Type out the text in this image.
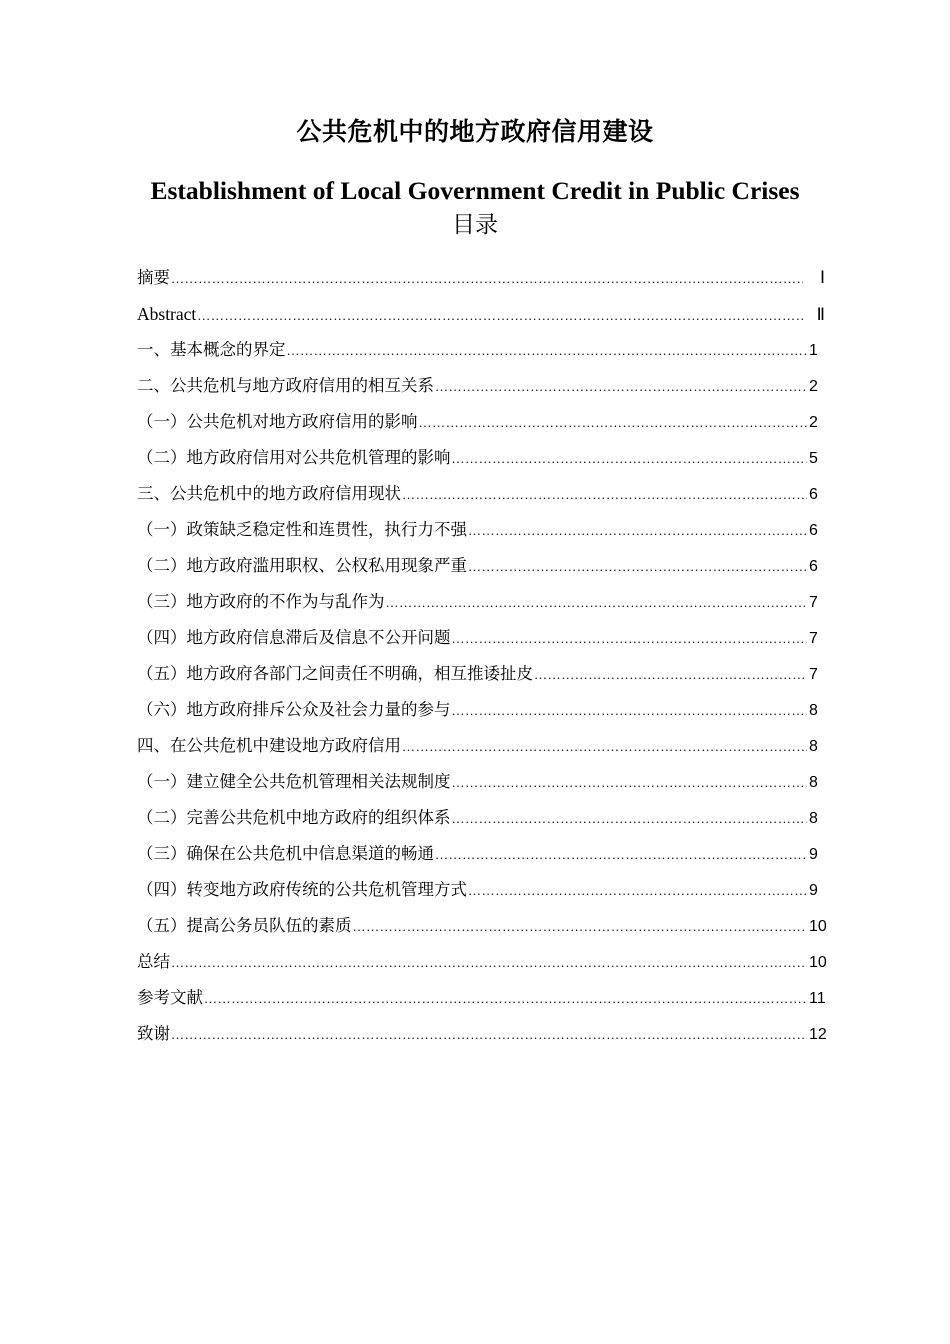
公共危机中的地方政府信用建设
Establishment of Local Government Credit in Public Crises
目录
摘要 …………………………………………………………………………………………………………………………………………………………………………………………………	Ⅰ
Abstract …………………………………………………………………………………………………………………………………………………………………………………………………	Ⅱ
一、基本概念的界定 …………………………………………………………………………………………………………………………………………………………………………………………………	1
二、公共危机与地方政府信用的相互关系 …………………………………………………………………………………………………………………………………………………………………………………………………	2
（一）公共危机对地方政府信用的影响 …………………………………………………………………………………………………………………………………………………………………………………………………	2
（二）地方政府信用对公共危机管理的影响 …………………………………………………………………………………………………………………………………………………………………………………………………	5
三、公共危机中的地方政府信用现状 …………………………………………………………………………………………………………………………………………………………………………………………………	6
（一）政策缺乏稳定性和连贯性，执行力不强 …………………………………………………………………………………………………………………………………………………………………………………………………	6
（二）地方政府滥用职权、公权私用现象严重 …………………………………………………………………………………………………………………………………………………………………………………………………	6
（三）地方政府的不作为与乱作为 …………………………………………………………………………………………………………………………………………………………………………………………………	7
（四）地方政府信息滞后及信息不公开问题 …………………………………………………………………………………………………………………………………………………………………………………………………	7
（五）地方政府各部门之间责任不明确，相互推诿扯皮 …………………………………………………………………………………………………………………………………………………………………………………………………	7
（六）地方政府排斥公众及社会力量的参与 …………………………………………………………………………………………………………………………………………………………………………………………………	8
四、在公共危机中建设地方政府信用 …………………………………………………………………………………………………………………………………………………………………………………………………	8
（一）建立健全公共危机管理相关法规制度 …………………………………………………………………………………………………………………………………………………………………………………………………	8
（二）完善公共危机中地方政府的组织体系 …………………………………………………………………………………………………………………………………………………………………………………………………	8
（三）确保在公共危机中信息渠道的畅通 …………………………………………………………………………………………………………………………………………………………………………………………………	9
（四）转变地方政府传统的公共危机管理方式 …………………………………………………………………………………………………………………………………………………………………………………………………	9
（五）提高公务员队伍的素质 …………………………………………………………………………………………………………………………………………………………………………………………………	10
总结 …………………………………………………………………………………………………………………………………………………………………………………………………	10
参考文献 …………………………………………………………………………………………………………………………………………………………………………………………………	11
致谢 …………………………………………………………………………………………………………………………………………………………………………………………………	12
